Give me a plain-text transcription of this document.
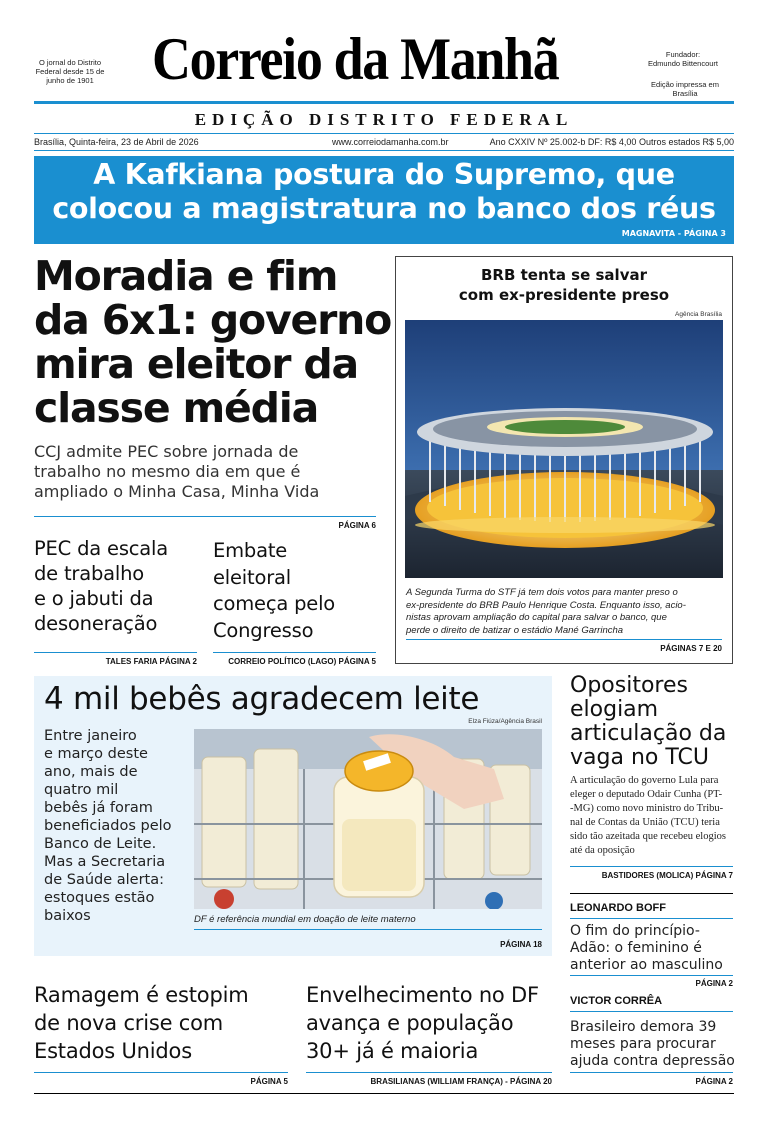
O jornal do Distrito Federal desde 15 de junho de 1901 Correio da Manhã	Fundador:
Edmundo Bittencourt
Edição impressa em Brasília
EDIÇÃO DISTRITO FEDERAL
Brasília, Quinta-feira, 23 de Abril de 2026	www.correiodamanha.com.br	Ano CXXIV Nº 25.002-b DF: R$ 4,00 Outros estados R$ 5,00
A Kafkiana postura do Supremo, que
colocou a magistratura no banco dos réus
MAGNAVITA - PÁGINA 3
Moradia e fim
da 6x1: governo
mira eleitor da
classe média
CCJ admite PEC sobre jornada de
trabalho no mesmo dia em que é
ampliado o Minha Casa, Minha Vida
PÁGINA 6
PEC da escala
de trabalho
e o jabuti da
desoneração
TALES FARIA PÁGINA 2
Embate
eleitoral
começa pelo
Congresso
CORREIO POLÍTICO (LAGO) PÁGINA 5
BRB tenta se salvar
com ex-presidente preso
Agência Brasília
A Segunda Turma do STF já tem dois votos para manter preso o
ex-presidente do BRB Paulo Henrique Costa. Enquanto isso, acio-
nistas aprovam ampliação do capital para salvar o banco, que
perde o direito de batizar o estádio Mané Garrincha
PÁGINAS 7 E 20
4 mil bebês agradecem leite
Elza Fiúza/Agência Brasil
Entre janeiro
e março deste
ano, mais de
quatro mil
bebês já foram
beneficiados pelo
Banco de Leite.
Mas a Secretaria
de Saúde alerta:
estoques estão
baixos	DF é referência mundial em doação de leite materno
PÁGINA 18
Opositores
elogiam
articulação da
vaga no TCU
A articulação do governo Lula para
eleger o deputado Odair Cunha (PT-
-MG) como novo ministro do Tribu-
nal de Contas da União (TCU) teria
sido tão azeitada que recebeu elogios
até da oposição
BASTIDORES (MOLICA) PÁGINA 7
LEONARDO BOFF
O fim do princípio-
Adão: o feminino é
anterior ao masculino
PÁGINA 2
VICTOR CORRÊA
Brasileiro demora 39
meses para procurar
ajuda contra depressão
PÁGINA 2
Ramagem é estopim
de nova crise com
Estados Unidos
PÁGINA 5
Envelhecimento no DF
avança e população
30+ já é maioria
BRASILIANAS (WILLIAM FRANÇA) - PÁGINA 20
